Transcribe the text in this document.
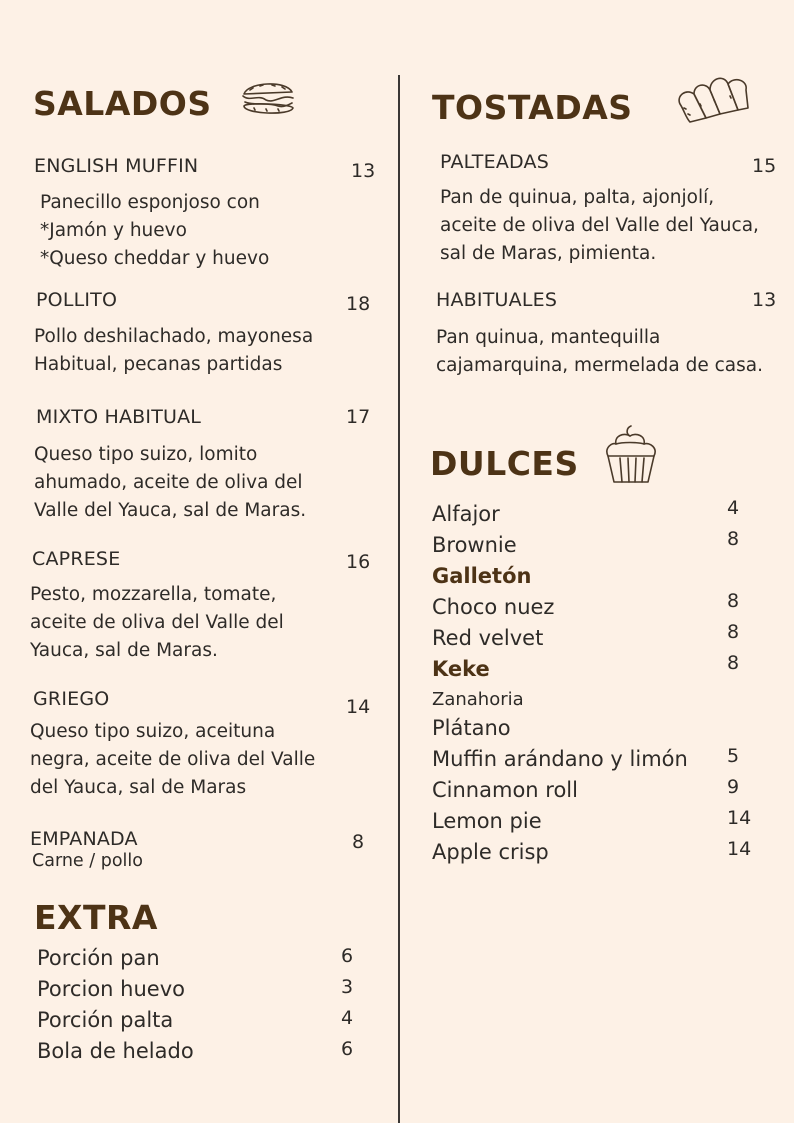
SALADOS
ENGLISH MUFFIN	13
Panecillo esponjoso con
*Jamón y huevo
*Queso cheddar y huevo
POLLITO	18
Pollo deshilachado, mayonesa
Habitual, pecanas partidas
MIXTO HABITUAL	17
Queso tipo suizo, lomito
ahumado, aceite de oliva del
Valle del Yauca, sal de Maras.
CAPRESE	16
Pesto, mozzarella, tomate,
aceite de oliva del Valle del
Yauca, sal de Maras.
GRIEGO	14
Queso tipo suizo, aceituna
negra, aceite de oliva del Valle
del Yauca, sal de Maras
EMPANADA	8
Carne / pollo
EXTRA
Porción pan	6
Porcion huevo	3
Porción palta	4
Bola de helado	6
TOSTADAS
PALTEADAS	15
Pan de quinua, palta, ajonjolí,
aceite de oliva del Valle del Yauca,
sal de Maras, pimienta.
HABITUALES	13
Pan quinua, mantequilla
cajamarquina, mermelada de casa.
DULCES
Alfajor	4
Brownie	8
Galletón
Choco nuez	8
Red velvet	8
Keke	8
Zanahoria
Plátano
Muffin arándano y limón 5
Cinnamon roll	9
Lemon pie	14
Apple crisp	14
